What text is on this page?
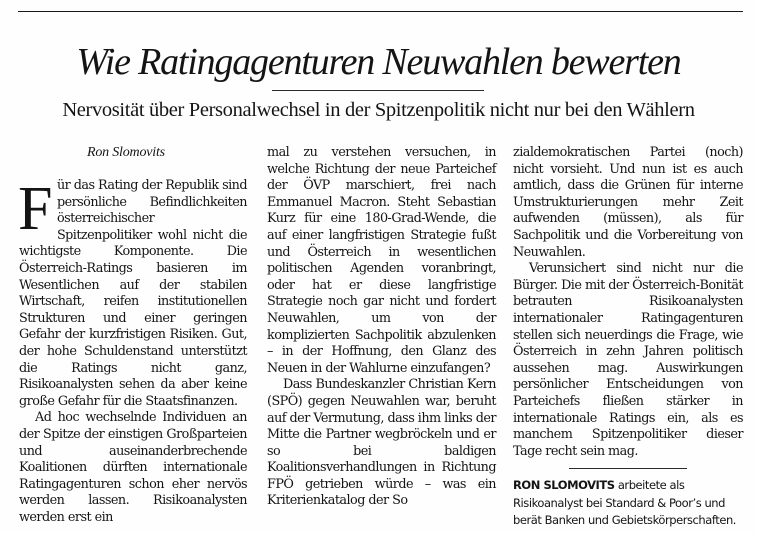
Wie Ratingagenturen Neuwahlen bewerten
Nervosität über Personalwechsel in der Spitzenpolitik nicht nur bei den Wählern
Ron Slomovits

Für das Rating der Republik sind persönliche Befindlichkeiten österreichischer Spitzenpolitiker wohl nicht die wichtigste Komponente. Die Österreich-Ratings basieren im Wesentlichen auf der stabilen Wirtschaft, reifen institutionellen Strukturen und einer geringen Gefahr der kurzfristigen Risiken. Gut, der hohe Schuldenstand unterstützt die Ratings nicht ganz, Risikoanalysten sehen da aber keine große Gefahr für die Staatsfinanzen.

Ad hoc wechselnde Individuen an der Spitze der einstigen Großparteien und auseinanderbrechende Koalitionen dürften internationale Ratingagenturen schon eher nervös werden lassen. Risikoanalysten werden erst ein

mal zu verstehen versuchen, in welche Richtung der neue Parteichef der ÖVP marschiert, frei nach Emmanuel Macron. Steht Sebastian Kurz für eine 180-Grad-Wende, die auf einer langfristigen Strategie fußt und Österreich in wesentlichen politischen Agenden voranbringt, oder hat er diese langfristige Strategie noch gar nicht und fordert Neuwahlen, um von der komplizierten Sachpolitik abzulenken – in der Hoffnung, den Glanz des Neuen in der Wahlurne einzufangen?

Dass Bundeskanzler Christian Kern (SPÖ) gegen Neuwahlen war, beruht auf der Vermutung, dass ihm links der Mitte die Partner wegbröckeln und er so bei baldigen Koalitionsverhandlungen in Richtung FPÖ getrieben würde – was ein Kriterienkatalog der So

zialdemokratischen Partei (noch) nicht vorsieht. Und nun ist es auch amtlich, dass die Grünen für interne Umstrukturierungen mehr Zeit aufwenden (müssen), als für Sachpolitik und die Vorbereitung von Neuwahlen.

Verunsichert sind nicht nur die Bürger. Die mit der Österreich-Bonität betrauten Risikoanalysten internationaler Ratingagenturen stellen sich neuerdings die Frage, wie Österreich in zehn Jahren politisch aussehen mag. Auswirkungen persönlicher Entscheidungen von Parteichefs fließen stärker in internationale Ratings ein, als es manchem Spitzenpolitiker dieser Tage recht sein mag.

RON SLOMOVITS arbeitete als Risikoanalyst bei Standard & Poor’s und berät Banken und Gebietskörperschaften.
